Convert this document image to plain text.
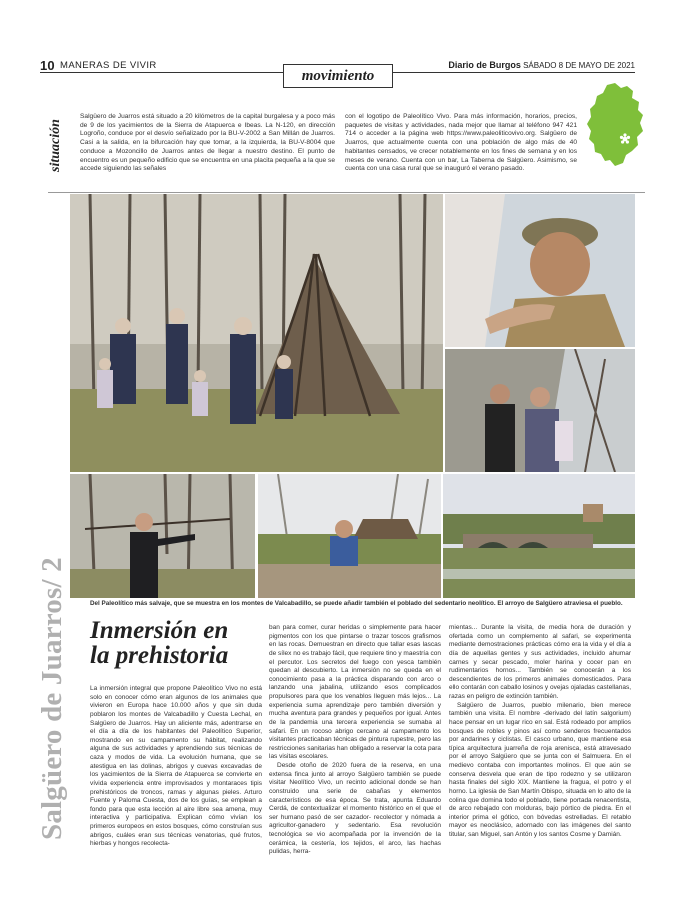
10 MANERAS DE VIVIR	Diario de Burgos SÁBADO 8 DE MAYO DE 2021
movimiento
situación
Salgüero de Juarros está situado a 20 kilómetros de la capital burgalesa y a poco más de 9 de los yacimientos de la Sierra de Atapuerca e Ibeas. La N-120, en dirección Logroño, conduce por el desvío señalizado por la BU-V-2002 a San Millán de Juarros. Casi a la salida, en la bifurcación hay que tomar, a la izquierda, la BU-V-8004 que conduce a Mozoncillo de Juarros antes de llegar a nuestro destino. El punto de encuentro es un pequeño edificio que se encuentra en una placita pequeña a la que se accede siguiendo las señales
con el logotipo de Paleolítico Vivo. Para más información, horarios, precios, paquetes de visitas y actividades, nada mejor que llamar al teléfono 947 421 714 o acceder a la página web https://www.paleoliticovivo.org. Salgüero de Juarros, que actualmente cuenta con una población de algo más de 40 habitantes censados, ve crecer notablemente en los fines de semana y en los meses de verano. Cuenta con un bar, La Taberna de Salgüero. Asimismo, se cuenta con una casa rural que se inauguró el verano pasado.
Del Paleolítico más salvaje, que se muestra en los montes de Valcabadillo, se puede añadir también el poblado del sedentario neolítico. El arroyo de Salgüero atraviesa el pueblo.
Salgüero de Juarros/ 2 Inmersión en
la prehistoria

La inmersión integral que propone Paleolítico Vivo no está solo en conocer cómo eran algunos de los animales que vivieron en Europa hace 10.000 años y que sin duda poblaron los montes de Valcabadillo y Cuesta Lechal, en Salgüero de Juarros. Hay un aliciente más, adentrarse en el día a día de los habitantes del Paleolítico Superior, mostrando en su campamento su hábitat, realizando alguna de sus actividades y aprendiendo sus técnicas de caza y modos de vida. La evolución humana, que se atestigua en las dolinas, abrigos y cuevas excavadas de los yacimientos de la Sierra de Atapuerca se convierte en vívida experiencia entre improvisados y montaraces tipis prehistóricos de troncos, ramas y algunas pieles. Arturo Fuente y Paloma Cuesta, dos de los guías, se emplean a fondo para que esta lección al aire libre sea amena, muy interactiva y participativa. Explican cómo vivían los primeros europeos en estos bosques, cómo construían sus abrigos, cuáles eran sus técnicas venatorias, qué frutos, hierbas y hongos recolecta-

ban para comer, curar heridas o simplemente para hacer pigmentos con los que pintarse o trazar toscos grafismos en las rocas. Demuestran en directo que tallar esas lascas de sílex no es trabajo fácil, que requiere tino y maestría con el percutor. Los secretos del fuego con yesca también quedan al descubierto. La inmersión no se queda en el conocimiento pasa a la práctica disparando con arco o lanzando una jabalina, utilizando esos complicados propulsores para que los venablos lleguen más lejos... La experiencia suma aprendizaje pero también diversión y mucha aventura para grandes y pequeños por igual. Antes de la pandemia una tercera experiencia se sumaba al safari. En un rocoso abrigo cercano al campamento los visitantes practicaban técnicas de pintura rupestre, pero las restricciones sanitarias han obligado a reservar la cota para las visitas escolares.

Desde otoño de 2020 fuera de la reserva, en una extensa finca junto al arroyo Salgüero también se puede visitar Neolítico Vivo, un recinto adicional donde se han construido una serie de cabañas y elementos característicos de esa época. Se trata, apunta Eduardo Cerdá, de contextualizar el momento histórico en el que el ser humano pasó de ser cazador- recolector y nómada a agricultor-ganadero y sedentario. Esa revolución tecnológica se vio acompañada por la invención de la cerámica, la cestería, los tejidos, el arco, las hachas pulidas, herra-

mientas... Durante la visita, de media hora de duración y ofertada como un complemento al safari, se experimenta mediante demostraciones prácticas cómo era la vida y el día a día de aquellas gentes y sus actividades, incluido ahumar carnes y secar pescado, moler harina y cocer pan en rudimentarios hornos... También se conocerán a los descendientes de los primeros animales domesticados. Para ello contarán con caballo losinos y ovejas ojaladas castellanas, razas en peligro de extinción también.

Salgüero de Juarros, pueblo milenario, bien merece también una visita. El nombre -derivado del latín salgorium) hace pensar en un lugar rico en sal. Está rodeado por amplios bosques de robles y pinos así como senderos frecuentados por andarines y ciclistas. El casco urbano, que mantiene esa típica arquitectura juarreña de roja arenisca, está atravesado por el arroyo Salgüero que se junta con el Salmuera. En el medievo contaba con importantes molinos. El que aún se conserva desvela que eran de tipo rodezno y se utilizaron hasta finales del siglo XIX. Mantiene la fragua, el potro y el horno. La iglesia de San Martín Obispo, situada en lo alto de la colina que domina todo el poblado, tiene portada renacentista, de arco rebajado con molduras, bajo pórtico de piedra. En el interior prima el gótico, con bóvedas estrelladas. El retablo mayor es neoclásico, adornado con las imágenes del santo titular, san Miguel, san Antón y los santos Cosme y Damián.
